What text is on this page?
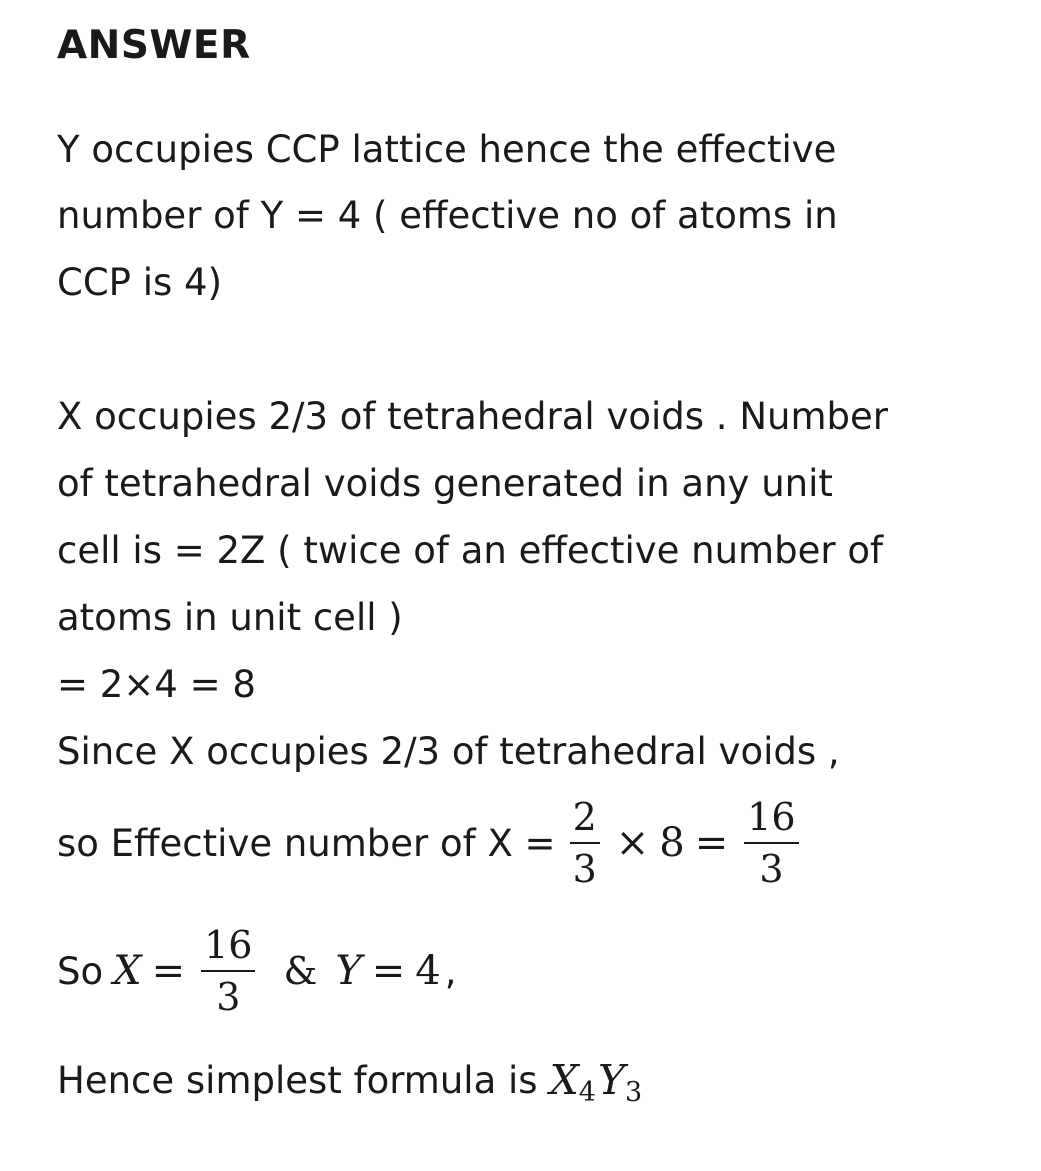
ANSWER

Y occupies CCP lattice hence the effective

number of Y = 4 ( effective no of atoms in

CCP is 4)

X occupies 2/3 of tetrahedral voids . Number

of tetrahedral voids generated in any unit

cell is = 2Z ( twice of an effective number of

atoms in unit cell )

= 2×4 = 8

Since X occupies 2/3 of tetrahedral voids ,

so Effective number of $X = \frac{2}{3} \times 8 = \frac{16}{3}$
So $X = \frac{16}{3}$ & Y = 4 ,
Hence simplest formula is X 4 Y 3
